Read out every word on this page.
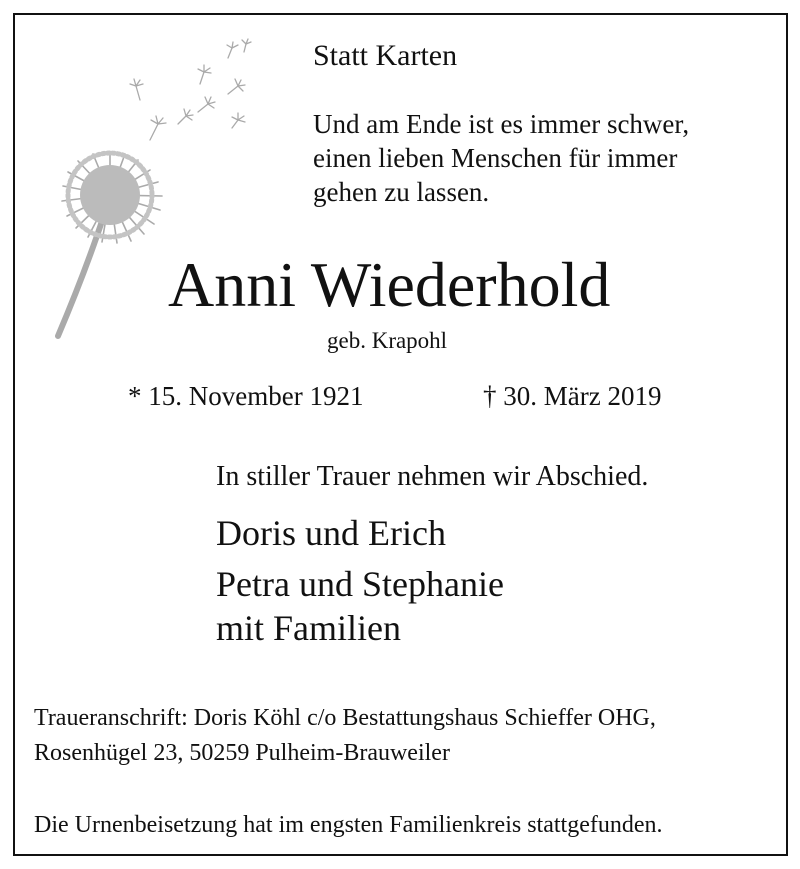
Statt Karten
Und am Ende ist es immer schwer,
einen lieben Menschen für immer
gehen zu lassen.
Anni Wiederhold
geb. Krapohl
* 15. November 1921	† 30. März 2019
In stiller Trauer nehmen wir Abschied.
Doris und Erich
Petra und Stephanie
mit Familien
Traueranschrift: Doris Köhl c/o Bestattungshaus Schieffer OHG,
Rosenhügel 23, 50259 Pulheim-Brauweiler
Die Urnenbeisetzung hat im engsten Familienkreis stattgefunden.
